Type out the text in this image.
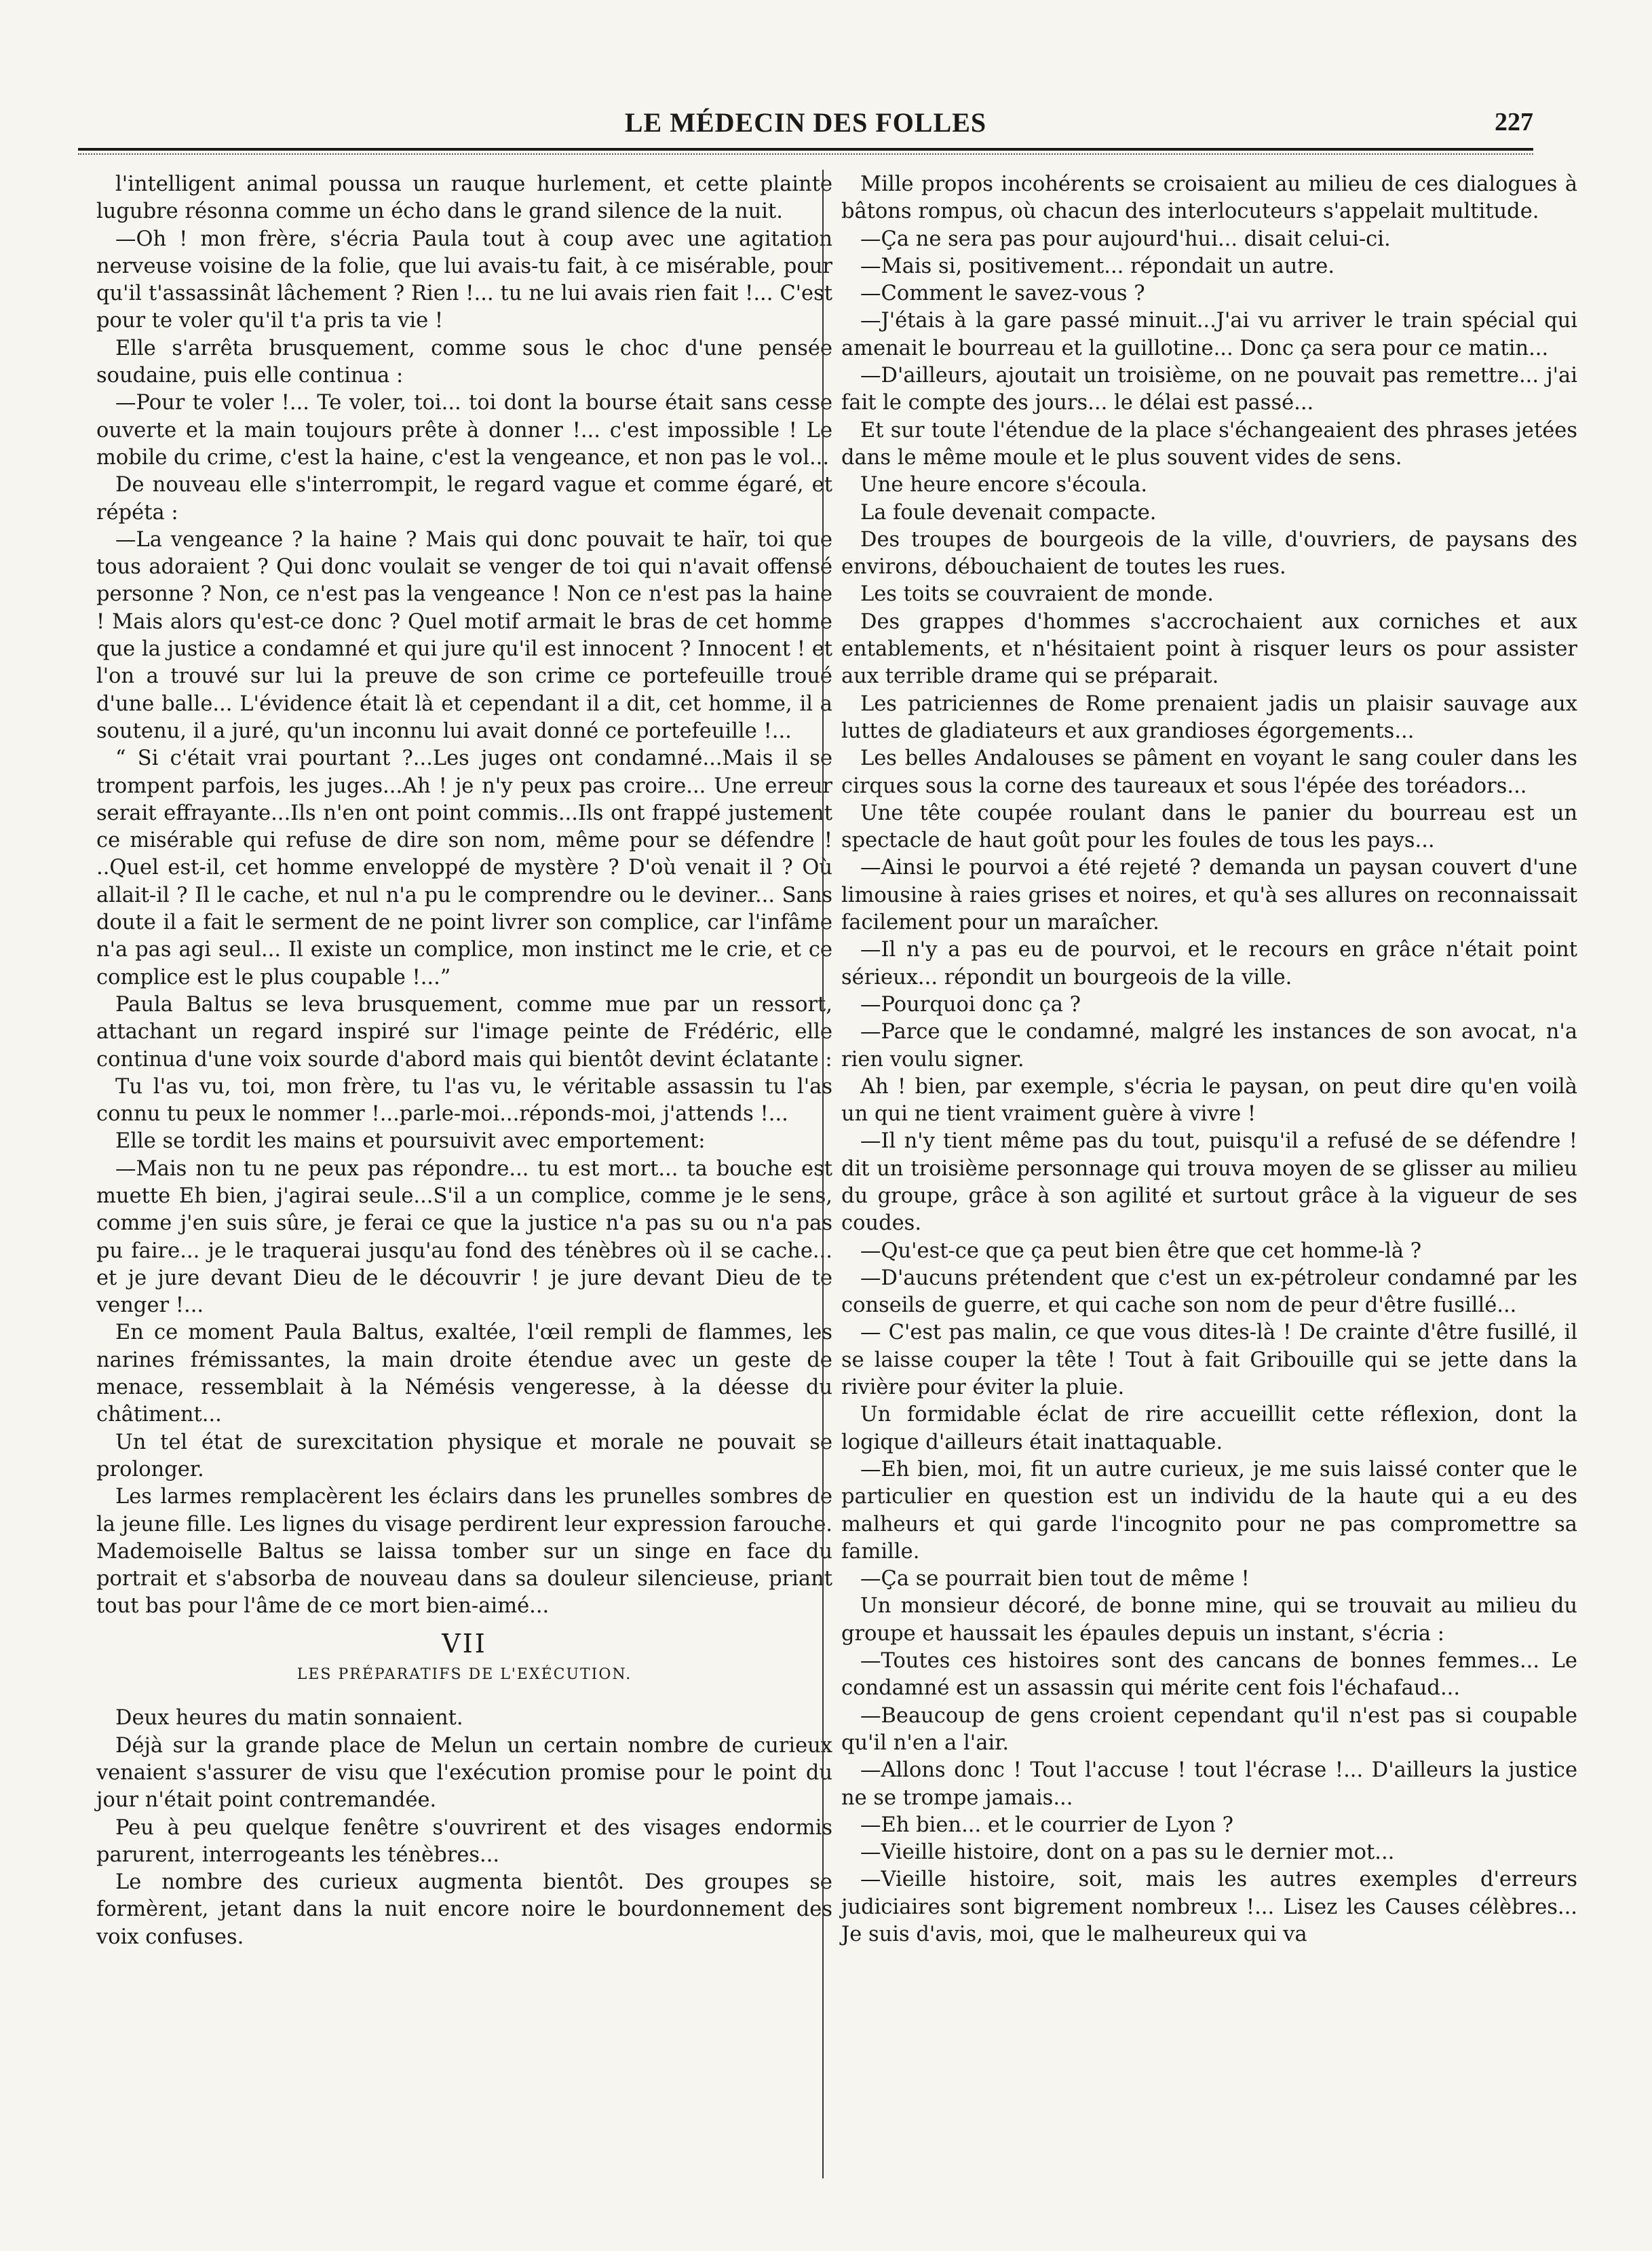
LE MÉDECIN DES FOLLES	227

l'intelligent animal poussa un rauque hurlement, et cette plainte lugubre résonna comme un écho dans le grand silence de la nuit.

—Oh ! mon frère, s'écria Paula tout à coup avec une agitation nerveuse voisine de la folie, que lui avais-tu fait, à ce misérable, pour qu'il t'assassinât lâchement ? Rien !... tu ne lui avais rien fait !... C'est pour te voler qu'il t'a pris ta vie !

Elle s'arrêta brusquement, comme sous le choc d'une pensée soudaine, puis elle continua :

—Pour te voler !... Te voler, toi... toi dont la bourse était sans cesse ouverte et la main toujours prête à donner !... c'est impossible ! Le mobile du crime, c'est la haine, c'est la vengeance, et non pas le vol...

De nouveau elle s'interrompit, le regard vague et comme égaré, et répéta :

—La vengeance ? la haine ? Mais qui donc pouvait te haïr, toi que tous adoraient ? Qui donc voulait se venger de toi qui n'avait offensé personne ? Non, ce n'est pas la vengeance ! Non ce n'est pas la haine ! Mais alors qu'est-ce donc ? Quel motif armait le bras de cet homme que la justice a condamné et qui jure qu'il est innocent ? Innocent ! et l'on a trouvé sur lui la preuve de son crime ce portefeuille troué d'une balle... L'évidence était là et cependant il a dit, cet homme, il a soutenu, il a juré, qu'un inconnu lui avait donné ce portefeuille !...

“ Si c'était vrai pourtant ?...Les juges ont condamné...Mais il se trompent parfois, les juges...Ah ! je n'y peux pas croire... Une erreur serait effrayante...Ils n'en ont point commis...Ils ont frappé justement ce misérable qui refuse de dire son nom, même pour se défendre ! ..Quel est-il, cet homme enveloppé de mystère ? D'où venait il ? Où allait-il ? Il le cache, et nul n'a pu le comprendre ou le deviner... Sans doute il a fait le serment de ne point livrer son complice, car l'infâme n'a pas agi seul... Il existe un complice, mon instinct me le crie, et ce complice est le plus coupable !...”

Paula Baltus se leva brusquement, comme mue par un ressort, attachant un regard inspiré sur l'image peinte de Frédéric, elle continua d'une voix sourde d'abord mais qui bientôt devint éclatante :

Tu l'as vu, toi, mon frère, tu l'as vu, le véritable assassin tu l'as connu tu peux le nommer !...parle-moi...réponds-moi, j'attends !...

Elle se tordit les mains et poursuivit avec emportement:

—Mais non tu ne peux pas répondre... tu est mort... ta bouche est muette Eh bien, j'agirai seule...S'il a un complice, comme je le sens, comme j'en suis sûre, je ferai ce que la justice n'a pas su ou n'a pas pu faire... je le traquerai jusqu'au fond des ténèbres où il se cache... et je jure devant Dieu de le découvrir ! je jure devant Dieu de te venger !...

En ce moment Paula Baltus, exaltée, l'œil rempli de flammes, les narines frémissantes, la main droite étendue avec un geste de menace, ressemblait à la Némésis vengeresse, à la déesse du châtiment...

Un tel état de surexcitation physique et morale ne pouvait se prolonger.

Les larmes remplacèrent les éclairs dans les prunelles sombres de la jeune fille. Les lignes du visage perdirent leur expression farouche. Mademoiselle Baltus se laissa tomber sur un singe en face du portrait et s'absorba de nouveau dans sa douleur silencieuse, priant tout bas pour l'âme de ce mort bien-aimé...

VII

LES PRÉPARATIFS DE L'EXÉCUTION.

Deux heures du matin sonnaient.

Déjà sur la grande place de Melun un certain nombre de curieux venaient s'assurer de visu que l'exécution promise pour le point du jour n'était point contremandée.

Peu à peu quelque fenêtre s'ouvrirent et des visages endormis parurent, interrogeants les ténèbres...

Le nombre des curieux augmenta bientôt. Des groupes se formèrent, jetant dans la nuit encore noire le bourdonnement des voix confuses.

Mille propos incohérents se croisaient au milieu de ces dialogues à bâtons rompus, où chacun des interlocuteurs s'appelait multitude.

—Ça ne sera pas pour aujourd'hui... disait celui-ci.

—Mais si, positivement... répondait un autre.

—Comment le savez-vous ?

—J'étais à la gare passé minuit...J'ai vu arriver le train spécial qui amenait le bourreau et la guillotine... Donc ça sera pour ce matin...

—D'ailleurs, ajoutait un troisième, on ne pouvait pas remettre... j'ai fait le compte des jours... le délai est passé...

Et sur toute l'étendue de la place s'échangeaient des phrases jetées dans le même moule et le plus souvent vides de sens.

Une heure encore s'écoula.

La foule devenait compacte.

Des troupes de bourgeois de la ville, d'ouvriers, de paysans des environs, débouchaient de toutes les rues.

Les toits se couvraient de monde.

Des grappes d'hommes s'accrochaient aux corniches et aux entablements, et n'hésitaient point à risquer leurs os pour assister aux terrible drame qui se préparait.

Les patriciennes de Rome prenaient jadis un plaisir sauvage aux luttes de gladiateurs et aux grandioses égorgements...

Les belles Andalouses se pâment en voyant le sang couler dans les cirques sous la corne des taureaux et sous l'épée des toréadors...

Une tête coupée roulant dans le panier du bourreau est un spectacle de haut goût pour les foules de tous les pays...

—Ainsi le pourvoi a été rejeté ? demanda un paysan couvert d'une limousine à raies grises et noires, et qu'à ses allures on reconnaissait facilement pour un maraîcher.

—Il n'y a pas eu de pourvoi, et le recours en grâce n'était point sérieux... répondit un bourgeois de la ville.

—Pourquoi donc ça ?

—Parce que le condamné, malgré les instances de son avocat, n'a rien voulu signer.

Ah ! bien, par exemple, s'écria le paysan, on peut dire qu'en voilà un qui ne tient vraiment guère à vivre !

—Il n'y tient même pas du tout, puisqu'il a refusé de se défendre ! dit un troisième personnage qui trouva moyen de se glisser au milieu du groupe, grâce à son agilité et surtout grâce à la vigueur de ses coudes.

—Qu'est-ce que ça peut bien être que cet homme-là ?

—D'aucuns prétendent que c'est un ex-pétroleur condamné par les conseils de guerre, et qui cache son nom de peur d'être fusillé...

— C'est pas malin, ce que vous dites-là ! De crainte d'être fusillé, il se laisse couper la tête ! Tout à fait Gribouille qui se jette dans la rivière pour éviter la pluie.

Un formidable éclat de rire accueillit cette réflexion, dont la logique d'ailleurs était inattaquable.

—Eh bien, moi, fit un autre curieux, je me suis laissé conter que le particulier en question est un individu de la haute qui a eu des malheurs et qui garde l'incognito pour ne pas compromettre sa famille.

—Ça se pourrait bien tout de même !

Un monsieur décoré, de bonne mine, qui se trouvait au milieu du groupe et haussait les épaules depuis un instant, s'écria :

—Toutes ces histoires sont des cancans de bonnes femmes... Le condamné est un assassin qui mérite cent fois l'échafaud...

—Beaucoup de gens croient cependant qu'il n'est pas si coupable qu'il n'en a l'air.

—Allons donc ! Tout l'accuse ! tout l'écrase !... D'ailleurs la justice ne se trompe jamais...

—Eh bien... et le courrier de Lyon ?

—Vieille histoire, dont on a pas su le dernier mot...

—Vieille histoire, soit, mais les autres exemples d'erreurs judiciaires sont bigrement nombreux !... Lisez les Causes célèbres... Je suis d'avis, moi, que le malheureux qui va
